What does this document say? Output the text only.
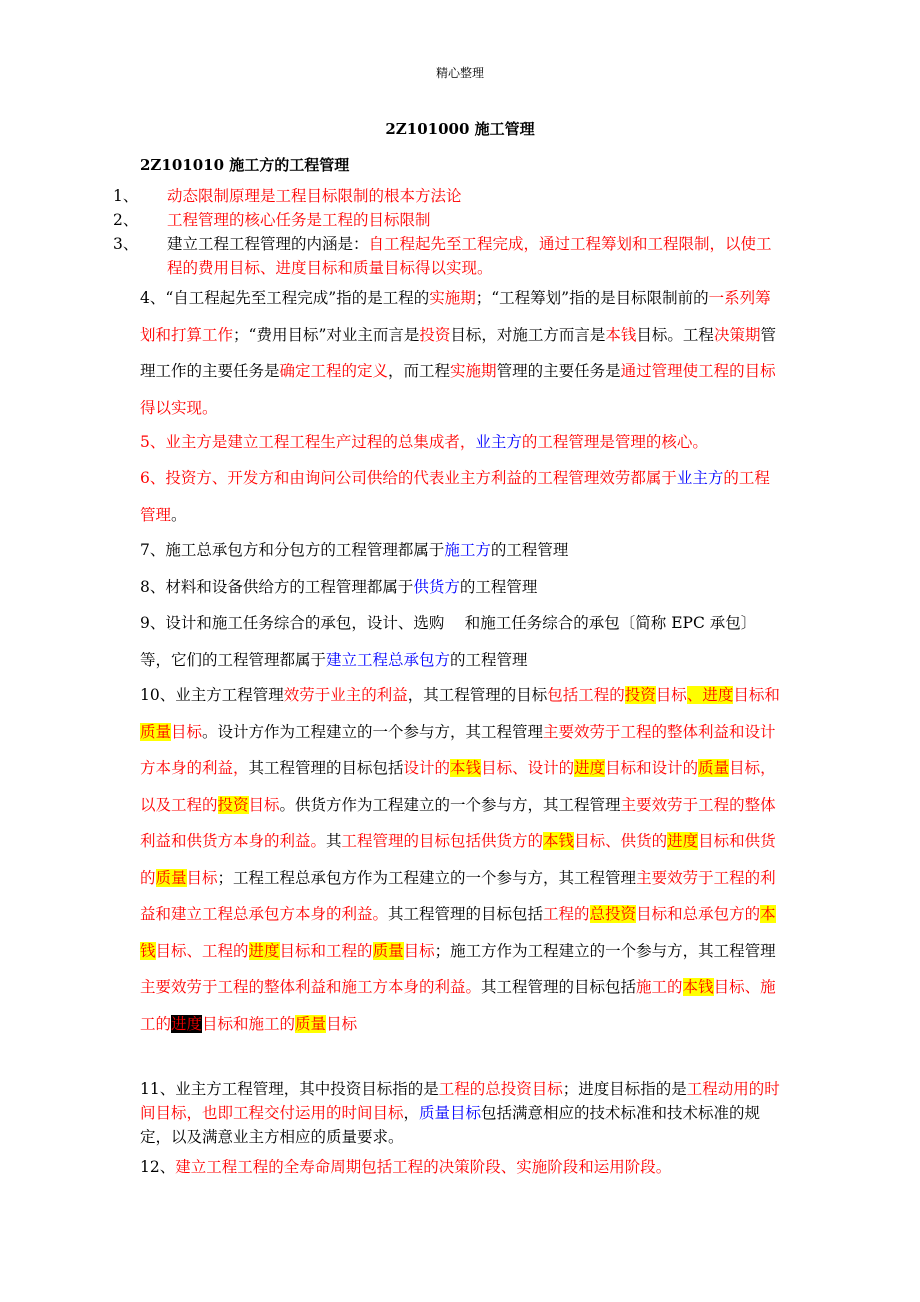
精心整理
2Z101000 施工管理
2Z101010 施工方的工程管理

1、 动态限制原理是工程目标限制的根本方法论

2、 工程管理的核心任务是工程的目标限制

3、 建立工程工程管理的内涵是：自工程起先至工程完成，通过工程筹划和工程限制，以使工程的费用目标、进度目标和质量目标得以实现。

4、“自工程起先至工程完成”指的是工程的实施期；“工程筹划”指的是目标限制前的一系列筹划和打算工作；“费用目标”对业主而言是投资目标，对施工方而言是本钱目标。工程决策期管理工作的主要任务是确定工程的定义，而工程实施期管理的主要任务是通过管理使工程的目标得以实现。
5、业主方是建立工程工程生产过程的总集成者，业主方的工程管理是管理的核心。
6、投资方、开发方和由询问公司供给的代表业主方利益的工程管理效劳都属于业主方的工程管理。
7、施工总承包方和分包方的工程管理都属于施工方的工程管理
8、材料和设备供给方的工程管理都属于供货方的工程管理
9、设计和施工任务综合的承包，设计、选购　 和施工任务综合的承包〔简称 EPC 承包〕等，它们的工程管理都属于建立工程总承包方的工程管理
10、业主方工程管理效劳于业主的利益，其工程管理的目标包括工程的投资目标、进度目标和质量目标。设计方作为工程建立的一个参与方，其工程管理主要效劳于工程的整体利益和设计方本身的利益，其工程管理的目标包括设计的本钱目标、设计的进度目标和设计的质量目标，以及工程的投资目标。供货方作为工程建立的一个参与方，其工程管理主要效劳于工程的整体利益和供货方本身的利益。其工程管理的目标包括供货方的本钱目标、供货的进度目标和供货的质量目标；工程工程总承包方作为工程建立的一个参与方，其工程管理主要效劳于工程的利益和建立工程总承包方本身的利益。其工程管理的目标包括工程的总投资目标和总承包方的本钱目标、工程的进度目标和工程的质量目标；施工方作为工程建立的一个参与方，其工程管理主要效劳于工程的整体利益和施工方本身的利益。其工程管理的目标包括施工的本钱目标、施工的进度目标和施工的质量目标
11、业主方工程管理，其中投资目标指的是工程的总投资目标；进度目标指的是工程动用的时间目标，也即工程交付运用的时间目标，质量目标包括满意相应的技术标准和技术标准的规定，以及满意业主方相应的质量要求。
12、建立工程工程的全寿命周期包括工程的决策阶段、实施阶段和运用阶段。
